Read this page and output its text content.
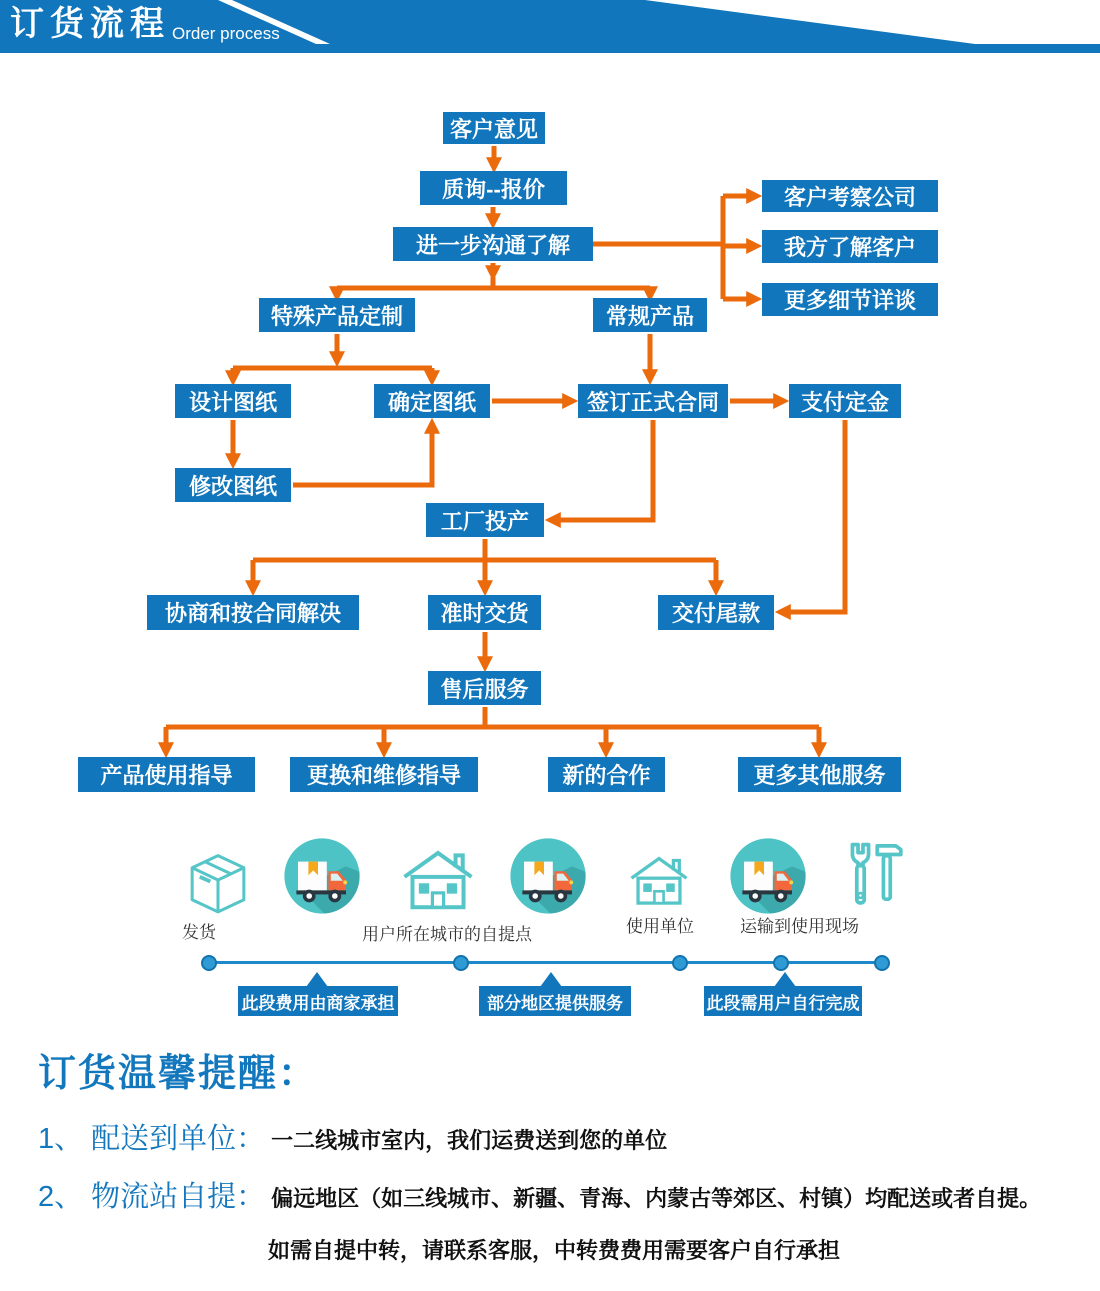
订货流程 Order process
客户意见
质询--报价
进一步沟通了解
客户考察公司
我方了解客户
更多细节详谈
特殊产品定制	常规产品
设计图纸	确定图纸	签订正式合同	支付定金
修改图纸
工厂投产
协商和按合同解决	准时交货	交付尾款
售后服务
产品使用指导	更换和维修指导	新的合作	更多其他服务
发货	用户所在城市的自提点	使用单位	运输到使用现场
此段费用由商家承担	部分地区提供服务	此段需用户自行完成
订货温馨提醒：
1、 配送到单位： 一二线城市室内，我们运费送到您的单位
2、 物流站自提： 偏远地区（如三线城市、新疆、青海、内蒙古等郊区、村镇）均配送或者自提。
如需自提中转，请联系客服，中转费费用需要客户自行承担
